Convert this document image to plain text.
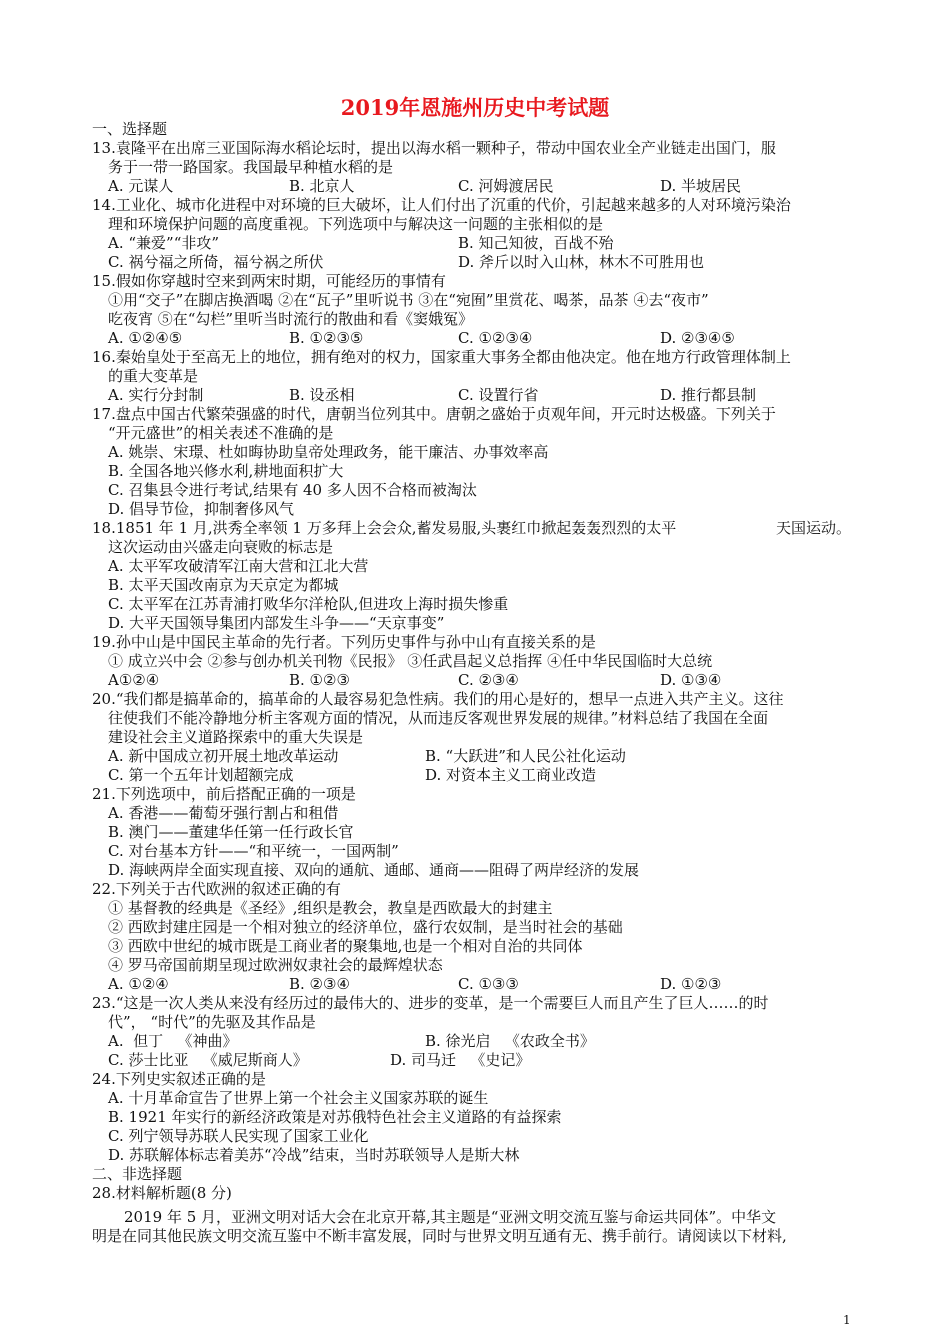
2019年恩施州历史中考试题
一、选择题
13.袁隆平在出席三亚国际海水稻论坛时，提出以海水稻一颗种子，带动中国农业全产业链走出国门，服
务于一带一路国家。我国最早种植水稻的是
A. 元谋人	B. 北京人	C. 河姆渡居民	D. 半坡居民
14.工业化、城市化进程中对环境的巨大破坏，让人们付出了沉重的代价，引起越来越多的人对环境污染治
理和环境保护问题的高度重视。下列选项中与解决这一问题的主张相似的是
A. “兼爱”“非攻”	B. 知己知彼，百战不殆
C. 祸兮福之所倚，福兮祸之所伏	D. 斧斤以时入山林，林木不可胜用也
15.假如你穿越时空来到两宋时期，可能经历的事情有
①用“交子”在脚店换酒喝 ②在“瓦子”里听说书 ③在“宛囿”里赏花、喝茶，品茶 ④去“夜市”
吃夜宵 ⑤在“勾栏”里听当时流行的散曲和看《窦娥冤》
A. ①②④⑤	B. ①②③⑤	C. ①②③④	D. ②③④⑤
16.秦始皇处于至高无上的地位，拥有绝对的权力，国家重大事务全都由他决定。他在地方行政管理体制上
的重大变革是
A. 实行分封制	B. 设丞相	C. 设置行省	D. 推行都县制
17.盘点中国古代繁荣强盛的时代，唐朝当位列其中。唐朝之盛始于贞观年间，开元时达极盛。下列关于
“开元盛世”的相关表述不准确的是
A. 姚崇、宋璟、杜如晦协助皇帝处理政务，能干廉洁、办事效率高
B. 全国各地兴修水利,耕地面积扩大
C. 召集县令进行考试,结果有 40 多人因不合格而被淘汰
D. 倡导节俭，抑制奢侈风气
18.1851 年 1 月,洪秀全率领 1 万多拜上会会众,蓄发易服,头裹红巾掀起轰轰烈烈的太平	天国运动。
这次运动由兴盛走向衰败的标志是
A. 太平军攻破清军江南大营和江北大营
B. 太平天国改南京为天京定为都城
C. 太平军在江苏青浦打败华尔洋枪队,但进攻上海时损失惨重
D. 大平天国领导集团内部发生斗争——“天京事变”
19.孙中山是中国民主革命的先行者。下列历史事件与孙中山有直接关系的是
① 成立兴中会 ②参与创办机关刊物《民报》 ③任武昌起义总指挥 ④任中华民国临时大总统
A①②④	B. ①②③	C. ②③④	D. ①③④
20.“我们都是搞革命的，搞革命的人最容易犯急性病。我们的用心是好的，想早一点进入共产主义。这往
往使我们不能冷静地分析主客观方面的情况，从而违反客观世界发展的规律。”材料总结了我国在全面
建设社会主义道路探索中的重大失误是
A. 新中国成立初开展土地改革运动	B. “大跃进”和人民公社化运动
C. 第一个五年计划超额完成	D. 对资本主义工商业改造
21.下列选项中，前后搭配正确的一项是
A. 香港——葡萄牙强行割占和租借
B. 澳门——董建华任第一任行政长官
C. 对台基本方针——“和平统一，一国两制”
D. 海峡两岸全面实现直接、双向的通航、通邮、通商——阻碍了两岸经济的发展
22.下列关于古代欧洲的叙述正确的有
① 基督教的经典是《圣经》,组织是教会，教皇是西欧最大的封建主
② 西欧封建庄园是一个相对独立的经济单位，盛行农奴制，是当时社会的基础
③ 西欧中世纪的城市既是工商业者的聚集地,也是一个相对自治的共同体
④ 罗马帝国前期呈现过欧洲奴隶社会的最辉煌状态
A. ①②④	B. ②③④	C. ①③③	D. ①②③
23.“这是一次人类从来没有经历过的最伟大的、进步的变革，是一个需要巨人而且产生了巨人……的时
代”， “时代”的先驱及其作品是
A.  但丁   《神曲》	B. 徐光启   《农政全书》
C. 莎士比亚   《威尼斯商人》	D. 司马迁   《史记》
24.下列史实叙述正确的是
A. 十月革命宣告了世界上第一个社会主义国家苏联的诞生
B. 1921 年实行的新经济政策是对苏俄特色社会主义道路的有益探索
C. 列宁领导苏联人民实现了国家工业化
D. 苏联解体标志着美苏“冷战”结束，当时苏联领导人是斯大林
二、非选择题
28.材料解析题(8 分)
2019 年 5 月，亚洲文明对话大会在北京开幕,其主题是“亚洲文明交流互鉴与命运共同体”。中华文
明是在同其他民族文明交流互鉴中不断丰富发展，同时与世界文明互通有无、携手前行。请阅读以下材料,
1
